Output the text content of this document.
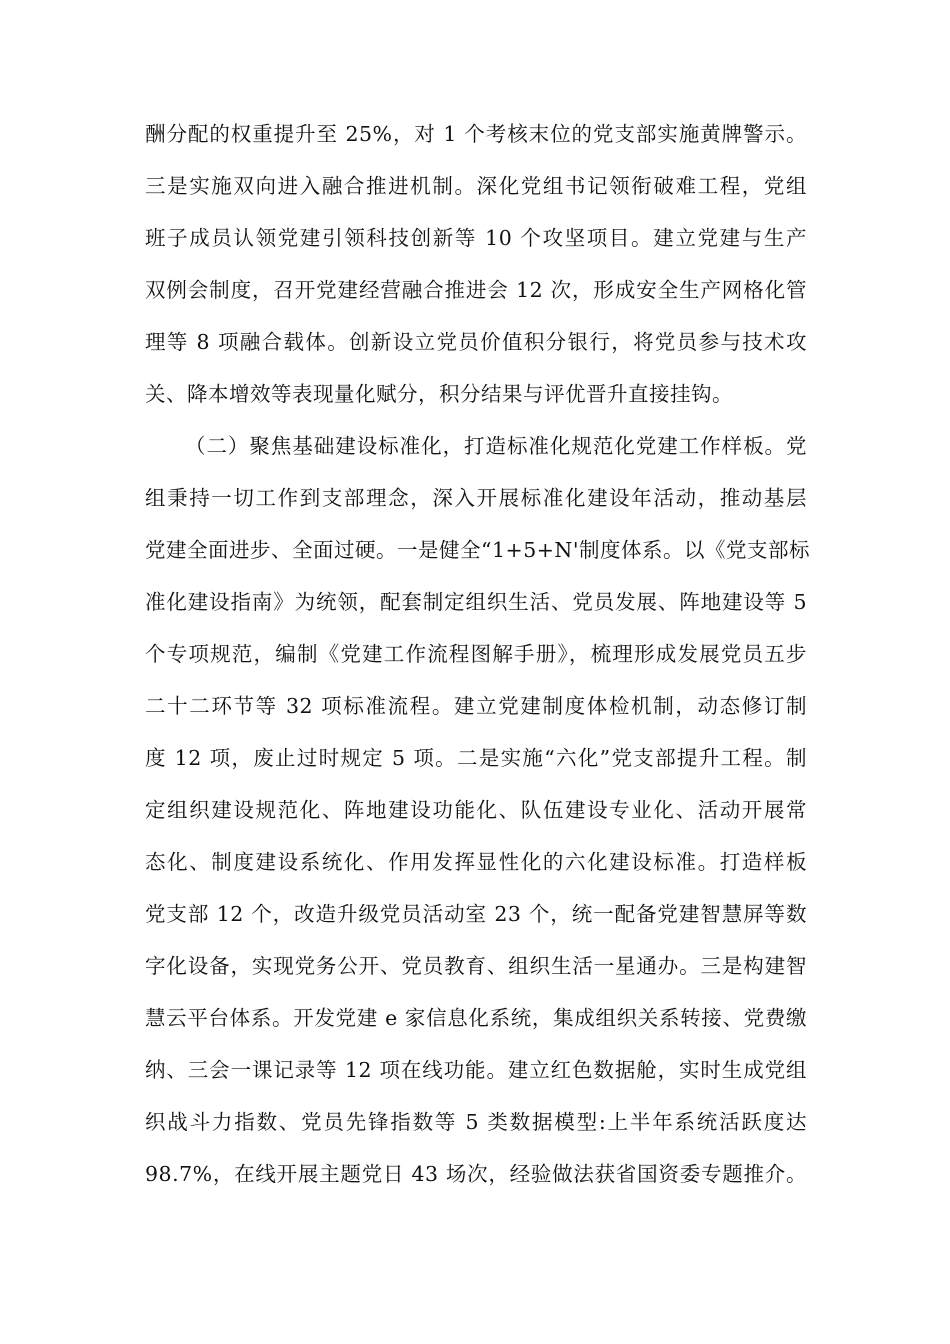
酬分配的权重提升至 25%，对 1 个考核末位的党支部实施黄牌警示。
三是实施双向进入融合推进机制。深化党组书记领衔破难工程，党组
班子成员认领党建引领科技创新等 10 个攻坚项目。建立党建与生产
双例会制度，召开党建经营融合推进会 12 次，形成安全生产网格化管
理等 8 项融合载体。创新设立党员价值积分银行，将党员参与技术攻
关、降本增效等表现量化赋分，积分结果与评优晋升直接挂钩。
（二）聚焦基础建设标准化，打造标准化规范化党建工作样板。党
组秉持一切工作到支部理念，深入开展标准化建设年活动，推动基层
党建全面进步、全面过硬。一是健全“1+5+N'制度体系。以《党支部标
准化建设指南》为统领，配套制定组织生活、党员发展、阵地建设等 5
个专项规范，编制《党建工作流程图解手册》，梳理形成发展党员五步
二十二环节等 32 项标准流程。建立党建制度体检机制，动态修订制
度 12 项，废止过时规定 5 项。二是实施“六化”党支部提升工程。制
定组织建设规范化、阵地建设功能化、队伍建设专业化、活动开展常
态化、制度建设系统化、作用发挥显性化的六化建设标准。打造样板
党支部 12 个，改造升级党员活动室 23 个，统一配备党建智慧屏等数
字化设备，实现党务公开、党员教育、组织生活一星通办。三是构建智
慧云平台体系。开发党建 e 家信息化系统，集成组织关系转接、党费缴
纳、三会一课记录等 12 项在线功能。建立红色数据舱，实时生成党组
织战斗力指数、党员先锋指数等 5 类数据模型:上半年系统活跃度达
98.7%，在线开展主题党日 43 场次，经验做法获省国资委专题推介。
